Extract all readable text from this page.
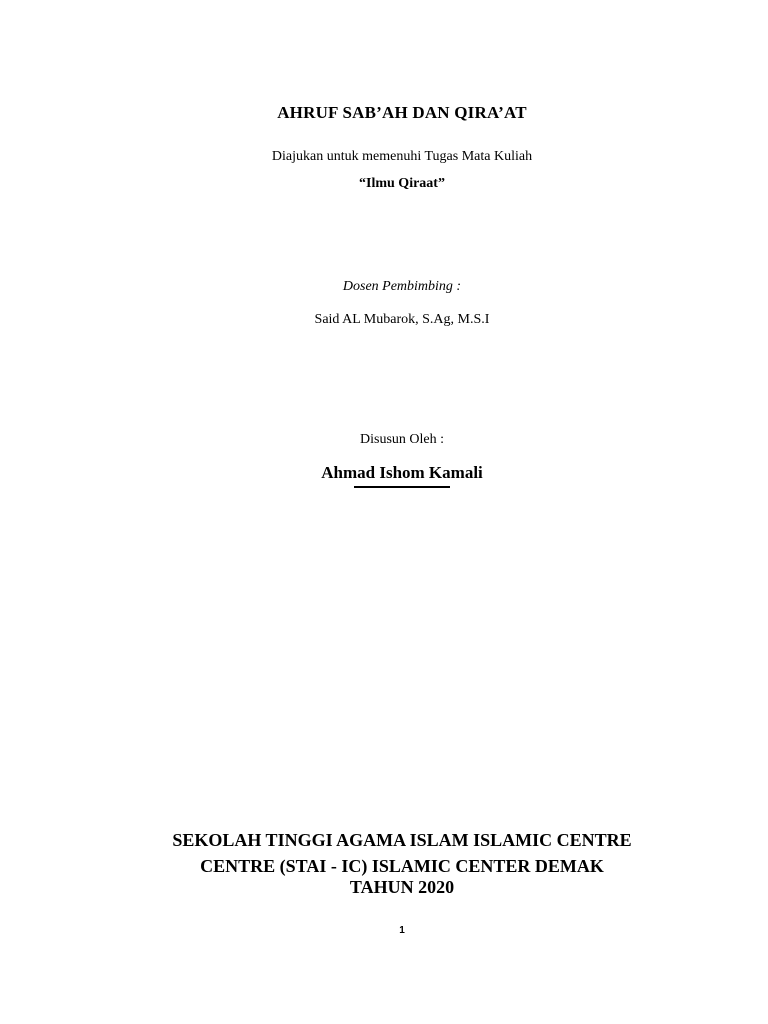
AHRUF SAB’AH DAN QIRA’AT
Diajukan untuk memenuhi Tugas Mata Kuliah
“Ilmu Qiraat”
Dosen Pembimbing :
Said AL Mubarok, S.Ag, M.S.I
Disusun Oleh :
Ahmad Ishom Kamali
SEKOLAH TINGGI AGAMA ISLAM ISLAMIC CENTRE
CENTRE (STAI - IC) ISLAMIC CENTER DEMAK
TAHUN 2020
1
